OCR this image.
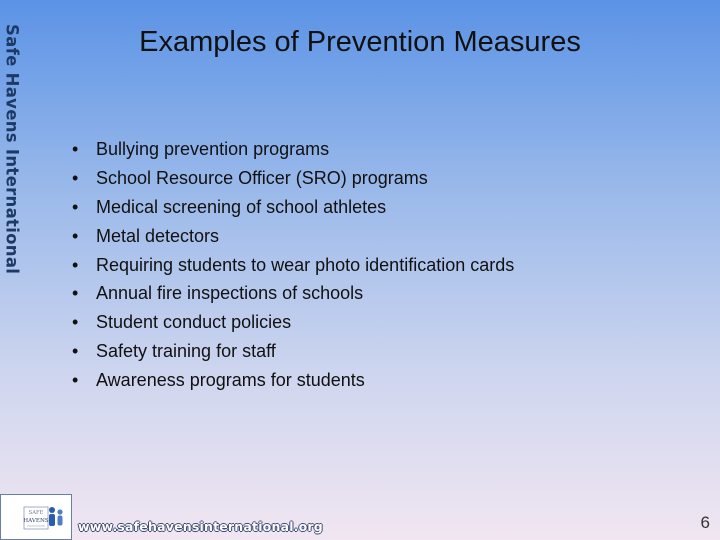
Safe Havens International	Examples of Prevention Measures
• Bullying prevention programs
• School Resource Officer (SRO) programs
• Medical screening of school athletes
• Metal detectors
• Requiring students to wear photo identification cards
• Annual fire inspections of schools
• Student conduct policies
• Safety training for staff
• Awareness programs for students
SAFE
HAVENS www.safehavensinternational.org	6
